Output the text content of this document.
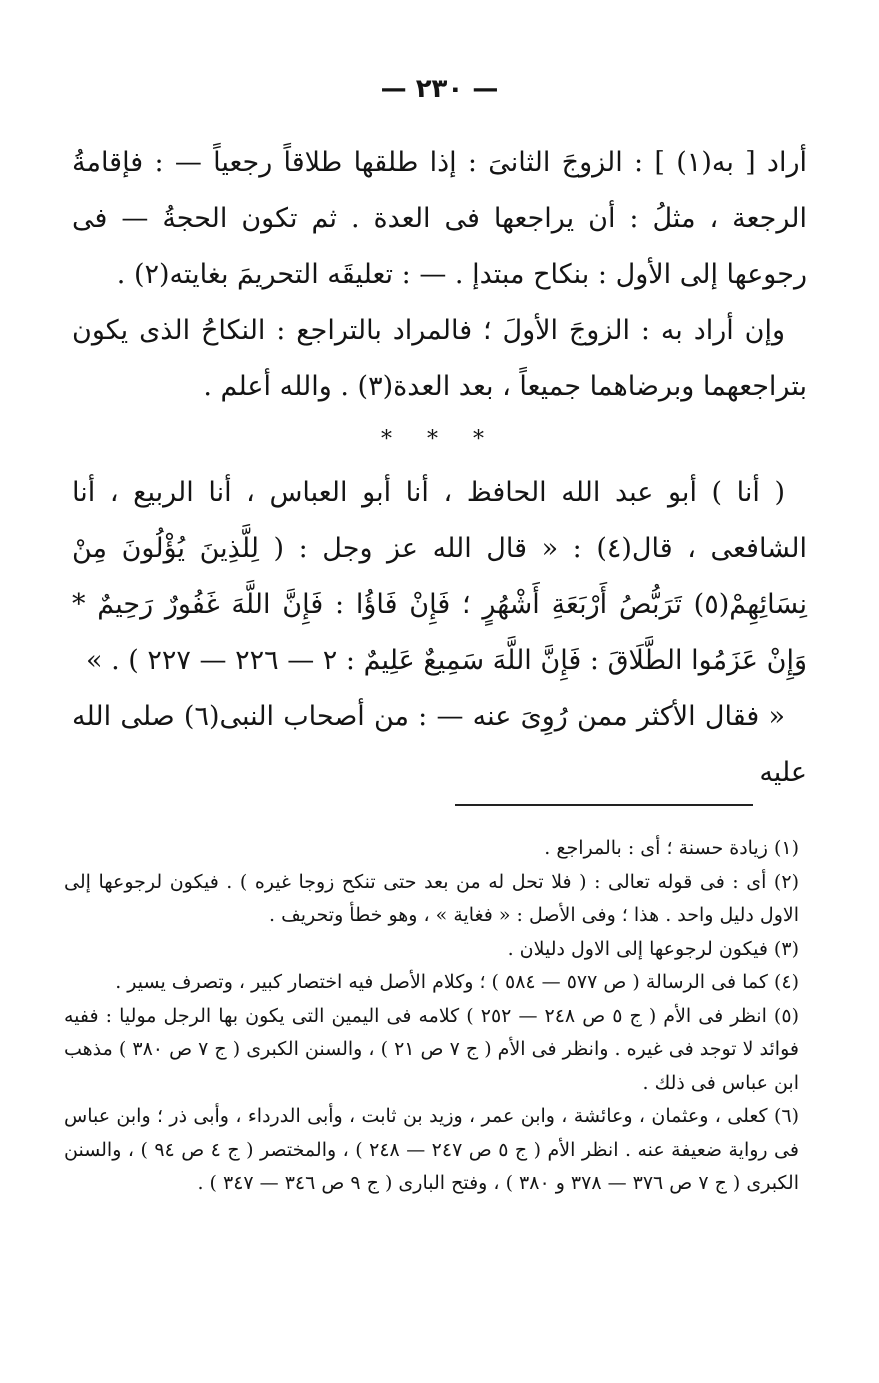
— ٢٣٠ —

أراد [ به(١) ] : الزوجَ الثانىَ : إذا طلقها طلاقاً رجعياً — : فإقامةُ الرجعة ، مثلُ : أن يراجعها فى العدة . ثم تكون الحجةُ — فى رجوعها إلى الأول : بنكاح مبتدإ . — : تعليقَه التحريمَ بغايته(٢) .

وإن أراد به : الزوجَ الأولَ ؛ فالمراد بالتراجع : النكاحُ الذى يكون بتراجعهما وبرضاهما جميعاً ، بعد العدة(٣) . والله أعلم .

* * *

( أنا ) أبو عبد الله الحافظ ، أنا أبو العباس ، أنا الربيع ، أنا الشافعى ، قال(٤) : « قال الله عز وجل : ( لِلَّذِينَ يُؤْلُونَ مِنْ نِسَائِهِمْ(٥) تَرَبُّصُ أَرْبَعَةِ أَشْهُرٍ ؛ فَإِنْ فَاؤُا : فَإِنَّ اللَّهَ غَفُورٌ رَحِيمٌ * وَإِنْ عَزَمُوا الطَّلَاقَ : فَإِنَّ اللَّهَ سَمِيعٌ عَلِيمٌ : ٢ — ٢٢٦ — ٢٢٧ ) . »

« فقال الأكثر ممن رُوِىَ عنه — : من أصحاب النبى(٦) صلى الله عليه

(١) زيادة حسنة ؛ أى : بالمراجع .

(٢) أى : فى قوله تعالى : ( فلا تحل له من بعد حتى تنكح زوجا غيره ) . فيكون لرجوعها إلى الاول دليل واحد . هذا ؛ وفى الأصل : « فغاية » ، وهو خطأ وتحريف .

(٣) فيكون لرجوعها إلى الاول دليلان .

(٤) كما فى الرسالة ( ص ٥٧٧ — ٥٨٤ ) ؛ وكلام الأصل فيه اختصار كبير ، وتصرف يسير .

(٥) انظر فى الأم ( ج ٥ ص ٢٤٨ — ٢٥٢ ) كلامه فى اليمين التى يكون بها الرجل موليا : ففيه فوائد لا توجد فى غيره . وانظر فى الأم ( ج ٧ ص ٢١ ) ، والسنن الكبرى ( ج ٧ ص ٣٨٠ ) مذهب ابن عباس فى ذلك .

(٦) كعلى ، وعثمان ، وعائشة ، وابن عمر ، وزيد بن ثابت ، وأبى الدرداء ، وأبى ذر ؛ وابن عباس فى رواية ضعيفة عنه . انظر الأم ( ج ٥ ص ٢٤٧ — ٢٤٨ ) ، والمختصر ( ج ٤ ص ٩٤ ) ، والسنن الكبرى ( ج ٧ ص ٣٧٦ — ٣٧٨ و ٣٨٠ ) ، وفتح البارى ( ج ٩ ص ٣٤٦ — ٣٤٧ ) .
